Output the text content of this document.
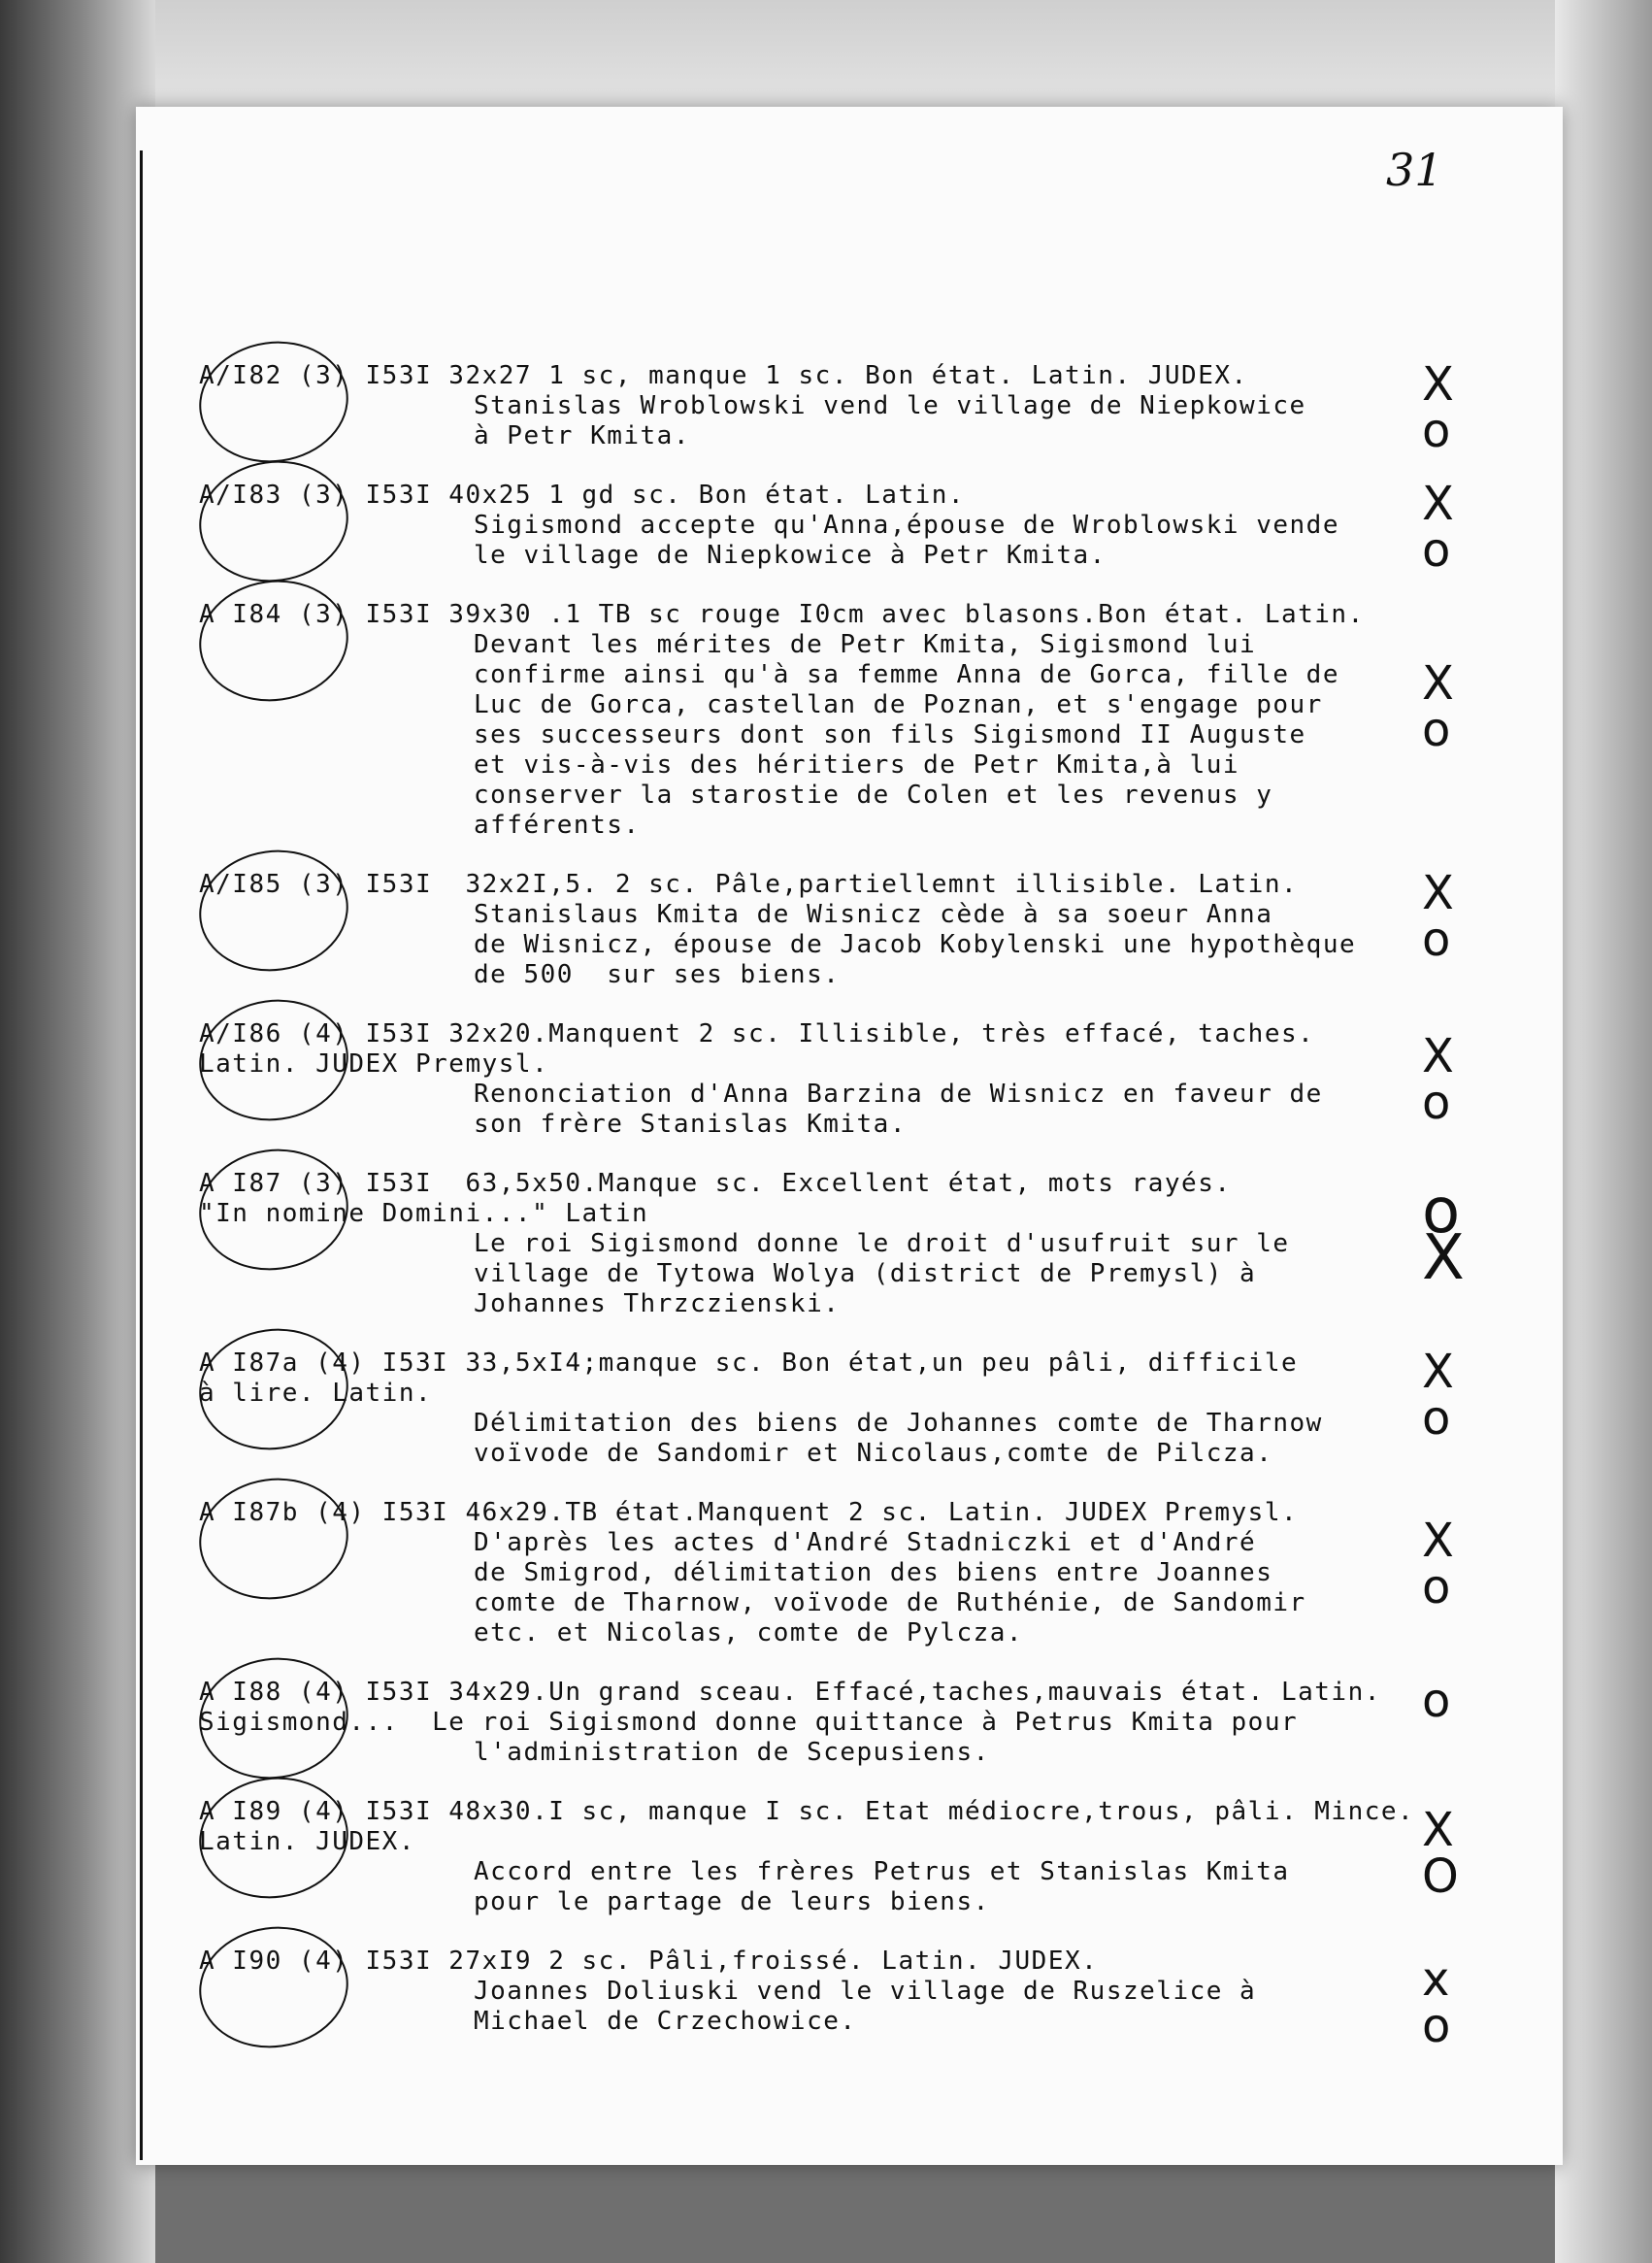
31
A/I82 (3) I53I 32x27 1 sc, manque 1 sc. Bon état. Latin. JUDEX.
Stanislas Wroblowski vend le village de Niepkowice
à Petr Kmita.
X o
A/I83 (3) I53I 40x25 1 gd sc. Bon état. Latin.
Sigismond accepte qu'Anna,épouse de Wroblowski vende
le village de Niepkowice à Petr Kmita.
X o
A I84 (3) I53I 39x30 .1 TB sc rouge I0cm avec blasons.Bon état. Latin.
Devant les mérites de Petr Kmita, Sigismond lui
confirme ainsi qu'à sa femme Anna de Gorca, fille de
Luc de Gorca, castellan de Poznan, et s'engage pour
ses successeurs dont son fils Sigismond II Auguste
et vis-à-vis des héritiers de Petr Kmita,à lui
conserver la starostie de Colen et les revenus y
afférents.
X o
A/I85 (3) I53I  32x2I,5. 2 sc. Pâle,partiellemnt illisible. Latin.
Stanislaus Kmita de Wisnicz cède à sa soeur Anna
de Wisnicz, épouse de Jacob Kobylenski une hypothèque
de 500  sur ses biens.
X o
A/I86 (4) I53I 32x20.Manquent 2 sc. Illisible, très effacé, taches.
Latin. JUDEX Premysl.
Renonciation d'Anna Barzina de Wisnicz en faveur de
son frère Stanislas Kmita.
X o
A I87 (3) I53I  63,5x50.Manque sc. Excellent état, mots rayés.
"In nomine Domini..." Latin
Le roi Sigismond donne le droit d'usufruit sur le
village de Tytowa Wolya (district de Premysl) à
Johannes Thrzczienski.
o X
A I87a (4) I53I 33,5xI4;manque sc. Bon état,un peu pâli, difficile
à lire. Latin.
Délimitation des biens de Johannes comte de Tharnow
voïvode de Sandomir et Nicolaus,comte de Pilcza.
X o
A I87b (4) I53I 46x29.TB état.Manquent 2 sc. Latin. JUDEX Premysl.
D'après les actes d'André Stadniczki et d'André
de Smigrod, délimitation des biens entre Joannes
comte de Tharnow, voïvode de Ruthénie, de Sandomir
etc. et Nicolas, comte de Pylcza.
X o
A I88 (4) I53I 34x29.Un grand sceau. Effacé,taches,mauvais état. Latin.
Sigismond...  Le roi Sigismond donne quittance à Petrus Kmita pour
l'administration de Scepusiens.
o
A I89 (4) I53I 48x30.I sc, manque I sc. Etat médiocre,trous, pâli. Mince.
Latin. JUDEX.
Accord entre les frères Petrus et Stanislas Kmita
pour le partage de leurs biens.
X O
A I90 (4) I53I 27xI9 2 sc. Pâli,froissé. Latin. JUDEX.
Joannes Doliuski vend le village de Ruszelice à
Michael de Crzechowice.
x o
